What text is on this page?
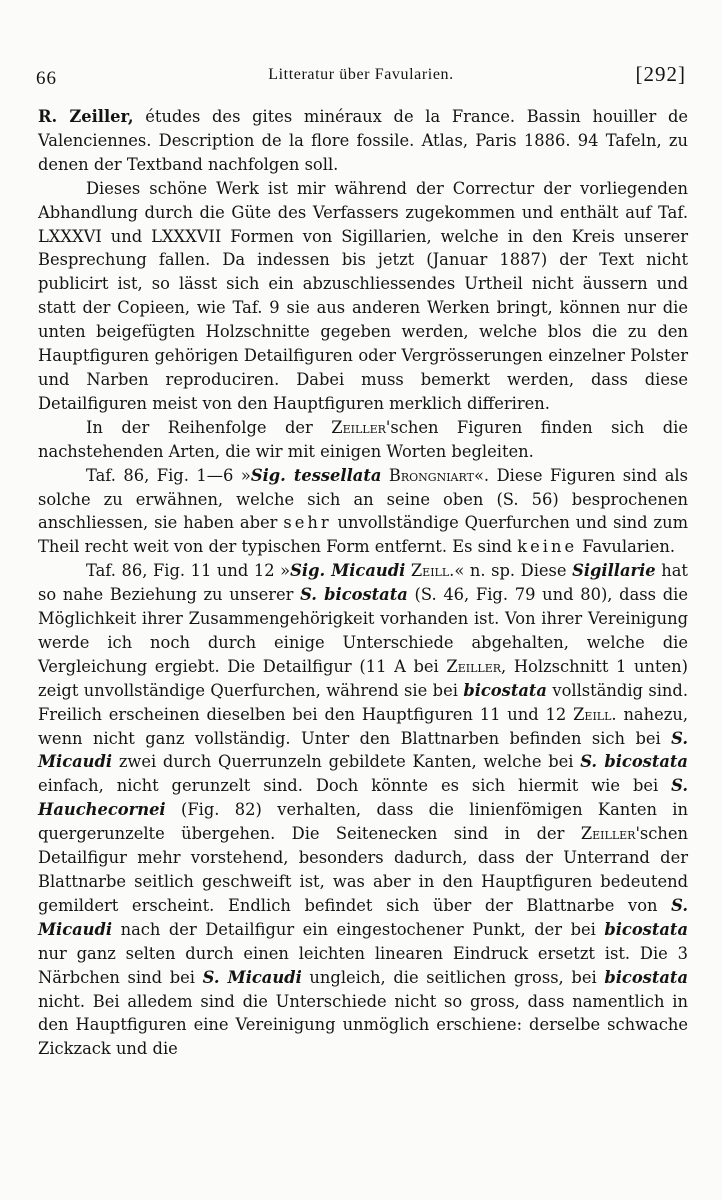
66	Litteratur über Favularien.	[292]

R. Zeiller, études des gites minéraux de la France. Bassin houiller de Valenciennes. Description de la flore fossile. Atlas, Paris 1886. 94 Tafeln, zu denen der Textband nachfolgen soll.

Dieses schöne Werk ist mir während der Correctur der vorliegenden Abhandlung durch die Güte des Verfassers zugekommen und enthält auf Taf. LXXXVI und LXXXVII Formen von Sigillarien, welche in den Kreis unserer Besprechung fallen. Da indessen bis jetzt (Januar 1887) der Text nicht publicirt ist, so lässt sich ein abzuschliessendes Urtheil nicht äussern und statt der Copieen, wie Taf. 9 sie aus anderen Werken bringt, können nur die unten beigefügten Holzschnitte gegeben werden, welche blos die zu den Hauptfiguren gehörigen Detailfiguren oder Vergrösserungen einzelner Polster und Narben reproduciren. Dabei muss bemerkt werden, dass diese Detailfiguren meist von den Hauptfiguren merklich differiren.

In der Reihenfolge der Zeiller'schen Figuren finden sich die nachstehenden Arten, die wir mit einigen Worten begleiten.

Taf. 86, Fig. 1—6 »Sig. tessellata Brongniart«. Diese Figuren sind als solche zu erwähnen, welche sich an seine oben (S. 56) besprochenen anschliessen, sie haben aber sehr unvollständige Querfurchen und sind zum Theil recht weit von der typischen Form entfernt. Es sind keine Favularien.

Taf. 86, Fig. 11 und 12 »Sig. Micaudi Zeill.« n. sp. Diese Sigillarie hat so nahe Beziehung zu unserer S. bicostata (S. 46, Fig. 79 und 80), dass die Möglichkeit ihrer Zusammengehörigkeit vorhanden ist. Von ihrer Vereinigung werde ich noch durch einige Unterschiede abgehalten, welche die Vergleichung ergiebt. Die Detailfigur (11 A bei Zeiller, Holzschnitt 1 unten) zeigt unvollständige Querfurchen, während sie bei bicostata vollständig sind. Freilich erscheinen dieselben bei den Hauptfiguren 11 und 12 Zeill. nahezu, wenn nicht ganz vollständig. Unter den Blattnarben befinden sich bei S. Micaudi zwei durch Querrunzeln gebildete Kanten, welche bei S. bicostata einfach, nicht gerunzelt sind. Doch könnte es sich hiermit wie bei S. Hauchecornei (Fig. 82) verhalten, dass die linienfömigen Kanten in quergerunzelte übergehen. Die Seitenecken sind in der Zeiller'schen Detailfigur mehr vorstehend, besonders dadurch, dass der Unterrand der Blattnarbe seitlich geschweift ist, was aber in den Hauptfiguren bedeutend gemildert erscheint. Endlich befindet sich über der Blattnarbe von S. Micaudi nach der Detailfigur ein eingestochener Punkt, der bei bicostata nur ganz selten durch einen leichten linearen Eindruck ersetzt ist. Die 3 Närbchen sind bei S. Micaudi ungleich, die seitlichen gross, bei bicostata nicht. Bei alledem sind die Unterschiede nicht so gross, dass namentlich in den Hauptfiguren eine Vereinigung unmöglich erschiene: derselbe schwache Zickzack und die
